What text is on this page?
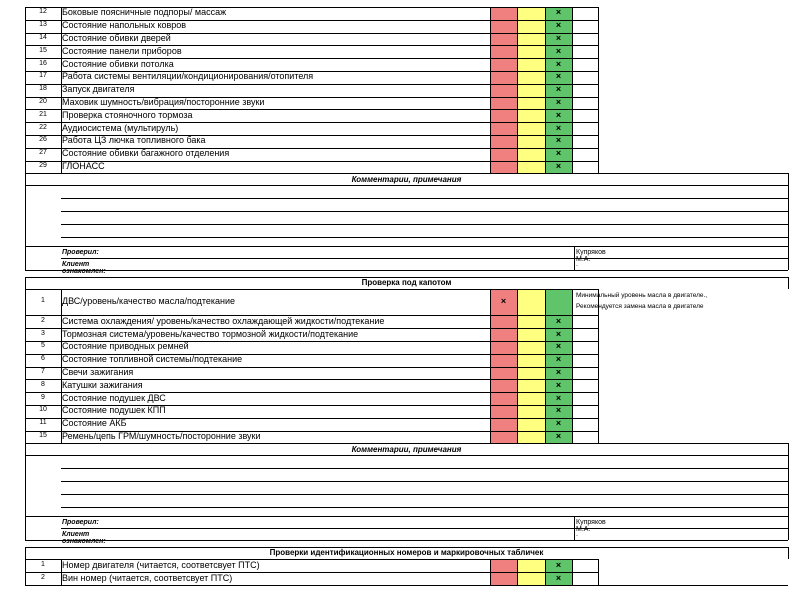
12	Боковые поясничные подпоры/ массаж	×
13	Состояние напольных ковров	×
14	Состояние обивки дверей	×
15	Состояние панели приборов	×
16	Состояние обивки потолка	×
17	Работа системы вентиляции/кондиционирования/отопителя	×
18	Запуск двигателя	×
20	Маховик шумность/вибрация/посторонние звуки	×
21	Проверка стояночного тормоза	×
22	Аудиосистема (мультируль)	×
26	Работа ЦЗ лючка топливного бака	×
27	Состояние обивки багажного отделения	×
29	ГЛОНАСС	×
Комментарии, примечания
Проверил:	Купряков М.А.
Клиент ознакомлен:
.
Проверка под капотом
1	ДВС/уровень/качество масла/подтекание	×
Минимальный уровень масла в двигателе.,
Рекомендуется замена масла в двигателе
2	Система охлаждения/ уровень/качество охлаждающей жидкости/подтекание	×
3	Тормозная система/уровень/качество тормозной жидкости/подтекание	×
5	Состояние приводных ремней	×
6	Состояние топливной системы/подтекание	×
7	Свечи зажигания	×
8	Катушки зажигания	×
9	Состояние подушек ДВС	×
10	Состояние подушек КПП	×
11	Состояние АКБ	×
15	Ремень/цепь ГРМ/шумность/посторонние звуки	×
Комментарии, примечания
Проверил:	Купряков М.А.
Клиент ознакомлен:
.
Проверки идентификационных номеров и маркировочных табличек
1	Номер двигателя (читается, соответсвует ПТС)	×
2	Вин номер (читается, соответсвует ПТС)	×
